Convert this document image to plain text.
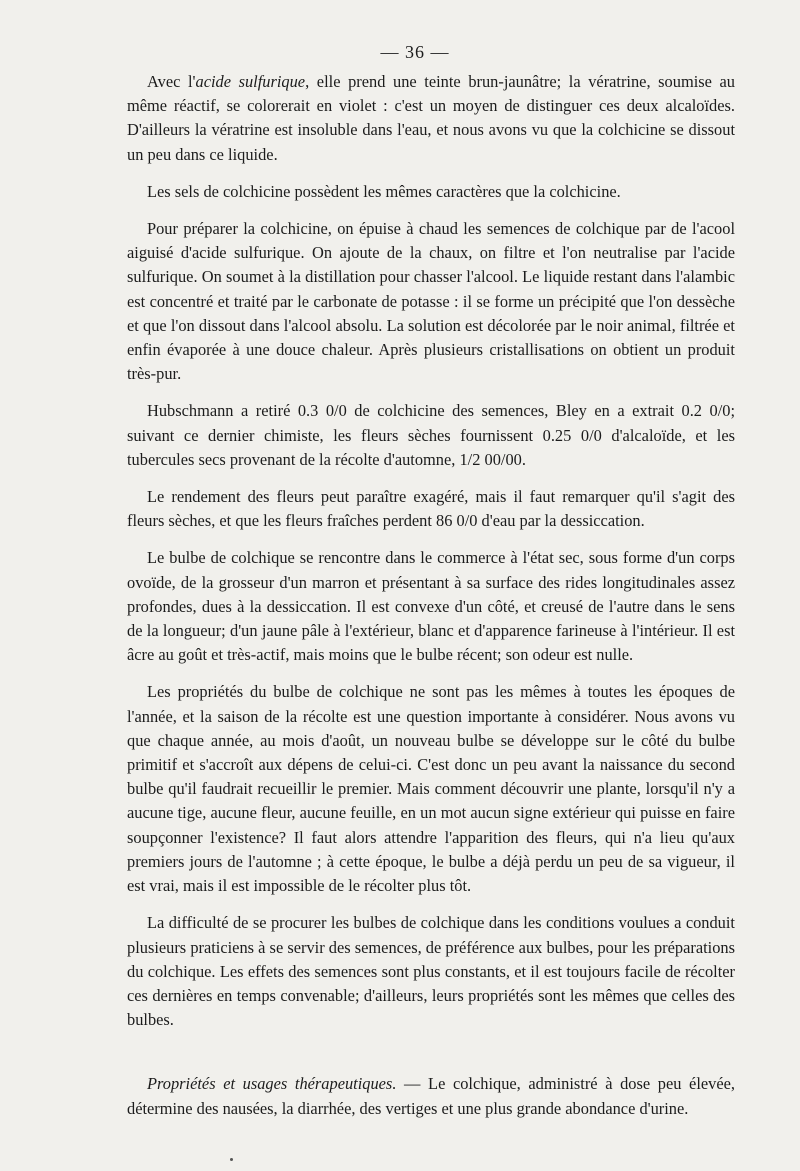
— 36 —

Avec l'acide sulfurique, elle prend une teinte brun-jaunâtre; la vératrine, soumise au même réactif, se colorerait en violet : c'est un moyen de distinguer ces deux alcaloïdes. D'ailleurs la vératrine est insoluble dans l'eau, et nous avons vu que la colchicine se dissout un peu dans ce liquide.

Les sels de colchicine possèdent les mêmes caractères que la colchicine.

Pour préparer la colchicine, on épuise à chaud les semences de colchique par de l'acool aiguisé d'acide sulfurique. On ajoute de la chaux, on filtre et l'on neutralise par l'acide sulfurique. On soumet à la distillation pour chasser l'alcool. Le liquide restant dans l'alambic est concentré et traité par le carbonate de potasse : il se forme un précipité que l'on dessèche et que l'on dissout dans l'alcool absolu. La solution est décolorée par le noir animal, filtrée et enfin évaporée à une douce chaleur. Après plusieurs cristallisations on obtient un produit très-pur.

Hubschmann a retiré 0.3 0/0 de colchicine des semences, Bley en a extrait 0.2 0/0; suivant ce dernier chimiste, les fleurs sèches fournissent 0.25 0/0 d'alcaloïde, et les tubercules secs provenant de la récolte d'automne, 1/2 00/00.

Le rendement des fleurs peut paraître exagéré, mais il faut remarquer qu'il s'agit des fleurs sèches, et que les fleurs fraîches perdent 86 0/0 d'eau par la dessiccation.

Le bulbe de colchique se rencontre dans le commerce à l'état sec, sous forme d'un corps ovoïde, de la grosseur d'un marron et présentant à sa surface des rides longitudinales assez profondes, dues à la dessiccation. Il est convexe d'un côté, et creusé de l'autre dans le sens de la longueur; d'un jaune pâle à l'extérieur, blanc et d'apparence farineuse à l'intérieur. Il est âcre au goût et très-actif, mais moins que le bulbe récent; son odeur est nulle.

Les propriétés du bulbe de colchique ne sont pas les mêmes à toutes les époques de l'année, et la saison de la récolte est une question importante à considérer. Nous avons vu que chaque année, au mois d'août, un nouveau bulbe se développe sur le côté du bulbe primitif et s'accroît aux dépens de celui-ci. C'est donc un peu avant la naissance du second bulbe qu'il faudrait recueillir le premier. Mais comment découvrir une plante, lorsqu'il n'y a aucune tige, aucune fleur, aucune feuille, en un mot aucun signe extérieur qui puisse en faire soupçonner l'existence? Il faut alors attendre l'apparition des fleurs, qui n'a lieu qu'aux premiers jours de l'automne ; à cette époque, le bulbe a déjà perdu un peu de sa vigueur, il est vrai, mais il est impossible de le récolter plus tôt.

La difficulté de se procurer les bulbes de colchique dans les conditions voulues a conduit plusieurs praticiens à se servir des semences, de préférence aux bulbes, pour les préparations du colchique. Les effets des semences sont plus constants, et il est toujours facile de récolter ces dernières en temps convenable; d'ailleurs, leurs propriétés sont les mêmes que celles des bulbes.

Propriétés et usages thérapeutiques. — Le colchique, administré à dose peu élevée, détermine des nausées, la diarrhée, des vertiges et une plus grande abondance d'urine.
